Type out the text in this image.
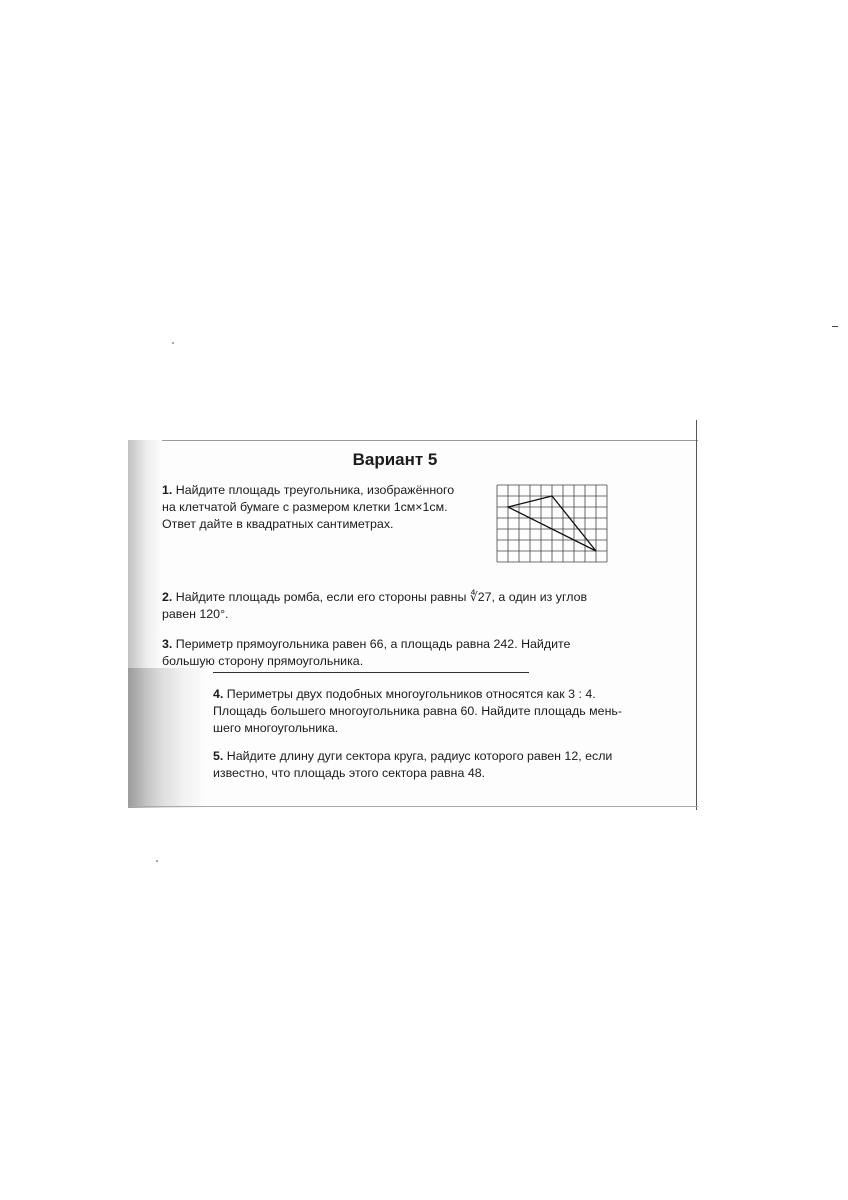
Вариант 5
1. Найдите площадь треугольника, изображённого
на клетчатой бумаге с размером клетки 1см×1см.
Ответ дайте в квадратных сантиметрах.
2. Найдите площадь ромба, если его стороны равны ∜27, а один из углов
равен 120°.
3. Периметр прямоугольника равен 66, а площадь равна 242. Найдите
большую сторону прямоугольника.
4. Периметры двух подобных многоугольников относятся как 3 : 4.
Площадь большего многоугольника равна 60. Найдите площадь мень-
шего многоугольника.
5. Найдите длину дуги сектора круга, радиус которого равен 12, если
известно, что площадь этого сектора равна 48.
